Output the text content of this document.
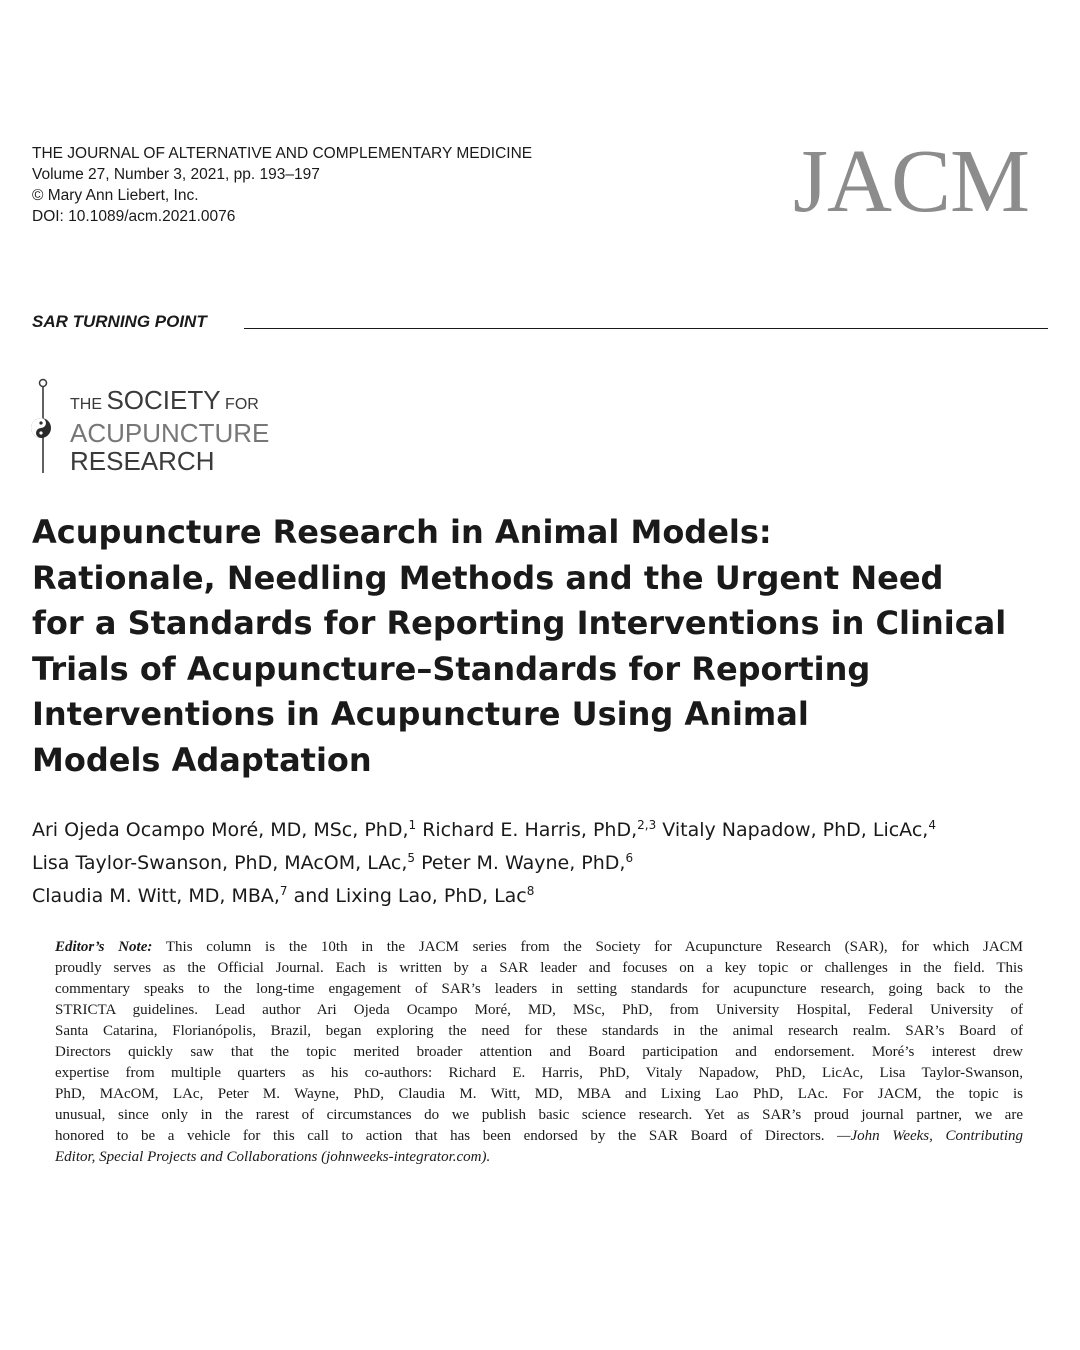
THE JOURNAL OF ALTERNATIVE AND COMPLEMENTARY MEDICINE
Volume 27, Number 3, 2021, pp. 193–197
© Mary Ann Liebert, Inc.
DOI: 10.1089/acm.2021.0076	JACM
SAR TURNING POINT
THE SOCIETY FOR
ACUPUNCTURE
RESEARCH
Acupuncture Research in Animal Models:
Rationale, Needling Methods and the Urgent Need
for a Standards for Reporting Interventions in Clinical
Trials of Acupuncture–Standards for Reporting
Interventions in Acupuncture Using Animal
Models Adaptation
Ari Ojeda Ocampo Moré, MD, MSc, PhD,$^1$ Richard E. Harris, PhD,$^{2,3}$ Vitaly Napadow, PhD, LicAc,$^4$
Lisa Taylor-Swanson, PhD, MAcOM, LAc,$^5$ Peter M. Wayne, PhD,$^6$
Claudia M. Witt, MD, MBA,$^7$ and Lixing Lao, PhD, Lac$^8$
Editor’s Note: This column is the 10th in the JACM series from the Society for Acupuncture Research (SAR), for which JACM
proudly serves as the Official Journal. Each is written by a SAR leader and focuses on a key topic or challenges in the field. This
commentary speaks to the long-time engagement of SAR’s leaders in setting standards for acupuncture research, going back to the
STRICTA guidelines. Lead author Ari Ojeda Ocampo Moré, MD, MSc, PhD, from University Hospital, Federal University of
Santa Catarina, Florianópolis, Brazil, began exploring the need for these standards in the animal research realm. SAR’s Board of
Directors quickly saw that the topic merited broader attention and Board participation and endorsement. Moré’s interest drew
expertise from multiple quarters as his co-authors: Richard E. Harris, PhD, Vitaly Napadow, PhD, LicAc, Lisa Taylor-Swanson,
PhD, MAcOM, LAc, Peter M. Wayne, PhD, Claudia M. Witt, MD, MBA and Lixing Lao PhD, LAc. For JACM, the topic is
unusual, since only in the rarest of circumstances do we publish basic science research. Yet as SAR’s proud journal partner, we are
honored to be a vehicle for this call to action that has been endorsed by the SAR Board of Directors. —John Weeks, Contributing
Editor, Special Projects and Collaborations (johnweeks-integrator.com).
